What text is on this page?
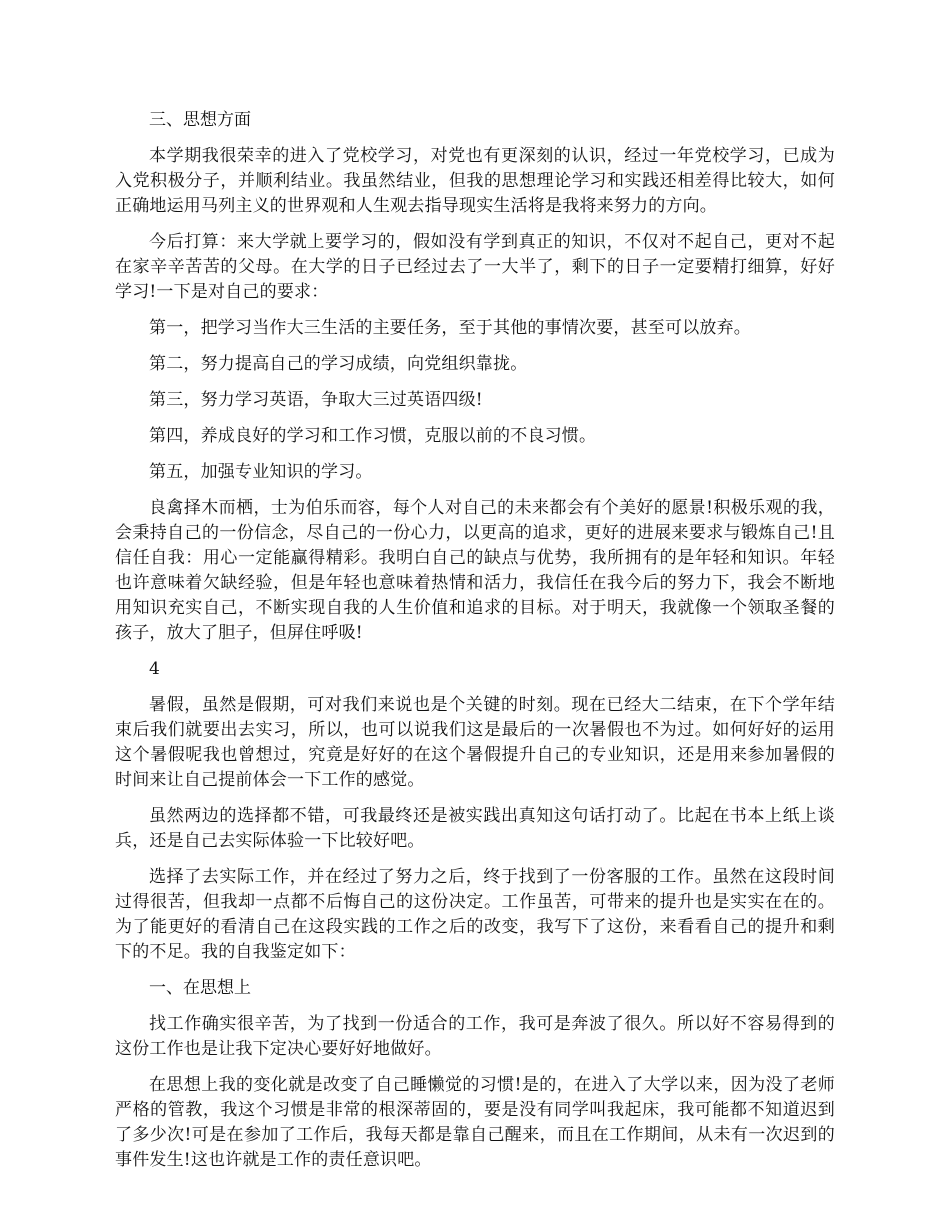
三、思想方面

本学期我很荣幸的进入了党校学习，对党也有更深刻的认识，经过一年党校学习，已成为入党积极分子，并顺利结业。我虽然结业，但我的思想理论学习和实践还相差得比较大，如何正确地运用马列主义的世界观和人生观去指导现实生活将是我将来努力的方向。

今后打算：来大学就上要学习的，假如没有学到真正的知识，不仅对不起自己，更对不起在家辛辛苦苦的父母。在大学的日子已经过去了一大半了，剩下的日子一定要精打细算，好好学习!一下是对自己的要求：

第一，把学习当作大三生活的主要任务，至于其他的事情次要，甚至可以放弃。

第二，努力提高自己的学习成绩，向党组织靠拢。

第三，努力学习英语，争取大三过英语四级!

第四，养成良好的学习和工作习惯，克服以前的不良习惯。

第五，加强专业知识的学习。

良禽择木而栖，士为伯乐而容，每个人对自己的未来都会有个美好的愿景!积极乐观的我，会秉持自己的一份信念，尽自己的一份心力，以更高的追求，更好的进展来要求与锻炼自己!且信任自我：用心一定能赢得精彩。我明白自己的缺点与优势，我所拥有的是年轻和知识。年轻也许意味着欠缺经验，但是年轻也意味着热情和活力，我信任在我今后的努力下，我会不断地用知识充实自己，不断实现自我的人生价值和追求的目标。对于明天，我就像一个领取圣餐的孩子，放大了胆子，但屏住呼吸!

4

暑假，虽然是假期，可对我们来说也是个关键的时刻。现在已经大二结束，在下个学年结束后我们就要出去实习，所以，也可以说我们这是最后的一次暑假也不为过。如何好好的运用这个暑假呢我也曾想过，究竟是好好的在这个暑假提升自己的专业知识，还是用来参加暑假的时间来让自己提前体会一下工作的感觉。

虽然两边的选择都不错，可我最终还是被实践出真知这句话打动了。比起在书本上纸上谈兵，还是自己去实际体验一下比较好吧。

选择了去实际工作，并在经过了努力之后，终于找到了一份客服的工作。虽然在这段时间过得很苦，但我却一点都不后悔自己的这份决定。工作虽苦，可带来的提升也是实实在在的。为了能更好的看清自己在这段实践的工作之后的改变，我写下了这份，来看看自己的提升和剩下的不足。我的自我鉴定如下：

一、在思想上

找工作确实很辛苦，为了找到一份适合的工作，我可是奔波了很久。所以好不容易得到的这份工作也是让我下定决心要好好地做好。

在思想上我的变化就是改变了自己睡懒觉的习惯!是的，在进入了大学以来，因为没了老师严格的管教，我这个习惯是非常的根深蒂固的，要是没有同学叫我起床，我可能都不知道迟到了多少次!可是在参加了工作后，我每天都是靠自己醒来，而且在工作期间，从未有一次迟到的事件发生!这也许就是工作的责任意识吧。
